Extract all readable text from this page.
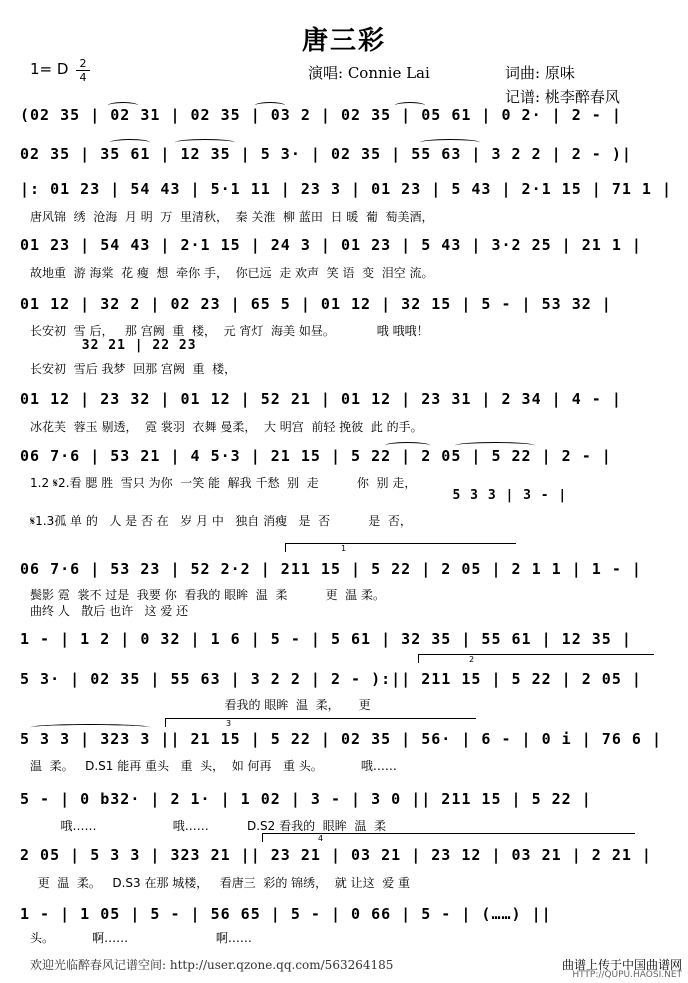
唐三彩
1= D	2
4	演唱: Connie Lai	词曲: 原味
记谱: 桃李醉春风
(02 35 | 02 31 | 02 35 | 03 2 | 02 35 | 05 61 | 0 2· | 2 - |
02 35 | 35 61 | 12 35 | 5 3· | 02 35 | 55 63 | 3 2 2 | 2 - )|
|: 01 23 | 54 43 | 5·1 11 | 23 3 | 01 23 | 5 43 | 2·1 15 | 71 1 |
唐风锦  绣  沧海  月 明  万  里清秋，  秦 关淮  柳 蓝田  日 暖  葡  萄美酒，
01 23 | 54 43 | 2·1 15 | 24 3 | 01 23 | 5 43 | 3·2 25 | 21 1 |
故地重  游 海棠  花 瘦  想  牵你 手，  你已远  走 欢声  笑 语  变  泪空 流。
01 12 | 32 2 | 02 23 | 65 5 | 01 12 | 32 15 | 5 - | 53 32 |
长安初  雪 后，   那 宫阙  重  楼，  元 宵灯  海美 如昼。           哦 哦哦！
32 21 | 22 23
长安初  雪后 我梦  回那 宫阙  重  楼，
01 12 | 23 32 | 01 12 | 52 21 | 01 12 | 23 31 | 2 34 | 4 - |
冰花芙  蓉玉 剔透，  霓 裳羽  衣舞 曼柔，  大 明宫  前轻 挽彼  此 的手。
06 7·6 | 53 21 | 4 5·3 | 21 15 | 5 22 | 2 05 | 5 22 | 2 - |
1.2 𝄋2.看 腮 胜  雪只 为你  一笑 能  解我 千愁  别  走          你  别 走，
5 3 3 | 3 - |
𝄋1.3孤 单 的   人 是 否 在   岁 月 中   独自 消瘦   是  否          是  否，
1
06 7·6 | 53 23 | 52 2·2 | 211 15 | 5 22 | 2 05 | 2 1 1 | 1 - |
鬓影 霓  裳不 过是  我要 你  看我的 眼眸  温  柔          更  温 柔。
曲终 人   散后 也许   这 爱 还
1 - | 1 2 | 0 32 | 1 6 | 5 - | 5 61 | 32 35 | 55 61 | 12 35 |
2
5 3· | 02 35 | 55 63 | 3 2 2 | 2 - ):|| 211 15 | 5 22 | 2 05 |
看我的 眼眸  温  柔，     更
3
5 3 3 | 323 3 || 21 15 | 5 22 | 02 35 | 56· | 6 - | 0 i | 76 6 |
温  柔。   D.S1 能再 重头   重  头，  如 何再   重 头。          哦……
5 - | 0 b32· | 2 1· | 1 02 | 3 - | 3 0 || 211 15 | 5 22 |
哦……                    哦……          D.S2 看我的  眼眸  温  柔
4
2 05 | 5 3 3 | 323 21 || 23 21 | 03 21 | 23 12 | 03 21 | 2 21 |
更  温  柔。   D.S3 在那 城楼，   看唐三  彩的 锦绣，  就 让这  爱 重
1 - | 1 05 | 5 - | 56 65 | 5 - | 0 66 | 5 - | (……) ||
头。          啊……                       啊……
欢迎光临醉春风记谱空间: http://user.qzone.qq.com/563264185	曲谱上传于中国曲谱网
HTTP://QUPU.HAOSI.NET
